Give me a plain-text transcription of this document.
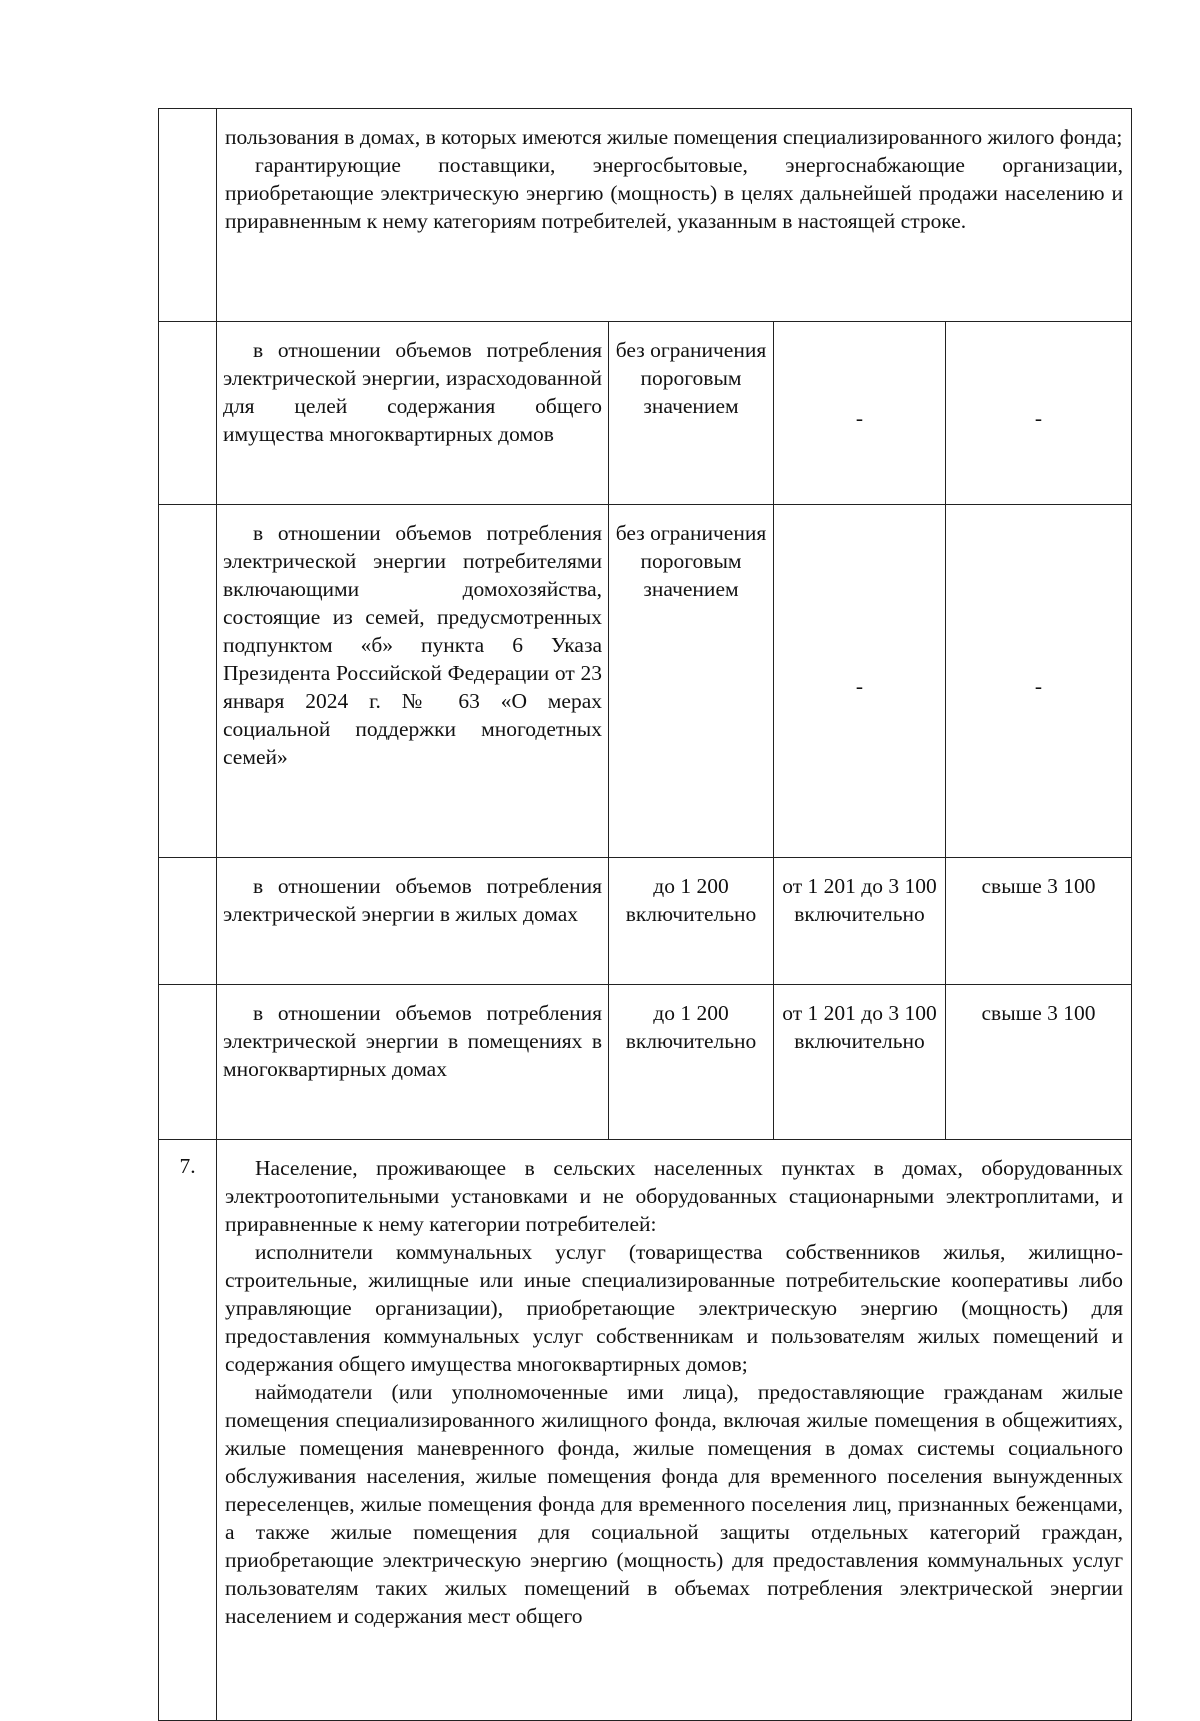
	пользования в домах, в которых имеются жилые помещения специализированного жилого фонда;

гарантирующие поставщики, энергосбытовые, энергоснабжающие организации, приобретающие электрическую энергию (мощность) в целях дальнейшей продажи населению и приравненным к нему категориям потребителей, указанным в настоящей строке.			

	в отношении объемов потребления электрической энергии, израсходованной для целей содержания общего имущества многоквартирных домов	без ограничения пороговым значением	-	-

	в отношении объемов потребления электрической энергии потребителями включающими домохозяйства, состоящие из семей, предусмотренных подпунктом «б» пункта 6 Указа Президента Российской Федерации от 23 января 2024 г. № 63 «О мерах социальной поддержки многодетных семей»	без ограничения пороговым значением	-	-

	в отношении объемов потребления электрической энергии в жилых домах	до 1 200 включительно	от 1 201 до 3 100 включительно	свыше 3 100

	в отношении объемов потребления электрической энергии в помещениях в многоквартирных домах	до 1 200 включительно	от 1 201 до 3 100 включительно	свыше 3 100
7.	Население, проживающее в сельских населенных пунктах в домах, оборудованных электроотопительными установками и не оборудованных стационарными электроплитами, и приравненные к нему категории потребителей:

исполнители коммунальных услуг (товарищества собственников жилья, жилищно-строительные, жилищные или иные специализированные потребительские кооперативы либо управляющие организации), приобретающие электрическую энергию (мощность) для предоставления коммунальных услуг собственникам и пользователям жилых помещений и содержания общего имущества многоквартирных домов;

наймодатели (или уполномоченные ими лица), предоставляющие гражданам жилые помещения специализированного жилищного фонда, включая жилые помещения в общежитиях, жилые помещения маневренного фонда, жилые помещения в домах системы социального обслуживания населения, жилые помещения фонда для временного поселения вынужденных переселенцев, жилые помещения фонда для временного поселения лиц, признанных беженцами, а также жилые помещения для социальной защиты отдельных категорий граждан, приобретающие электрическую энергию (мощность) для предоставления коммунальных услуг пользователям таких жилых помещений в объемах потребления электрической энергии населением и содержания мест общего			
